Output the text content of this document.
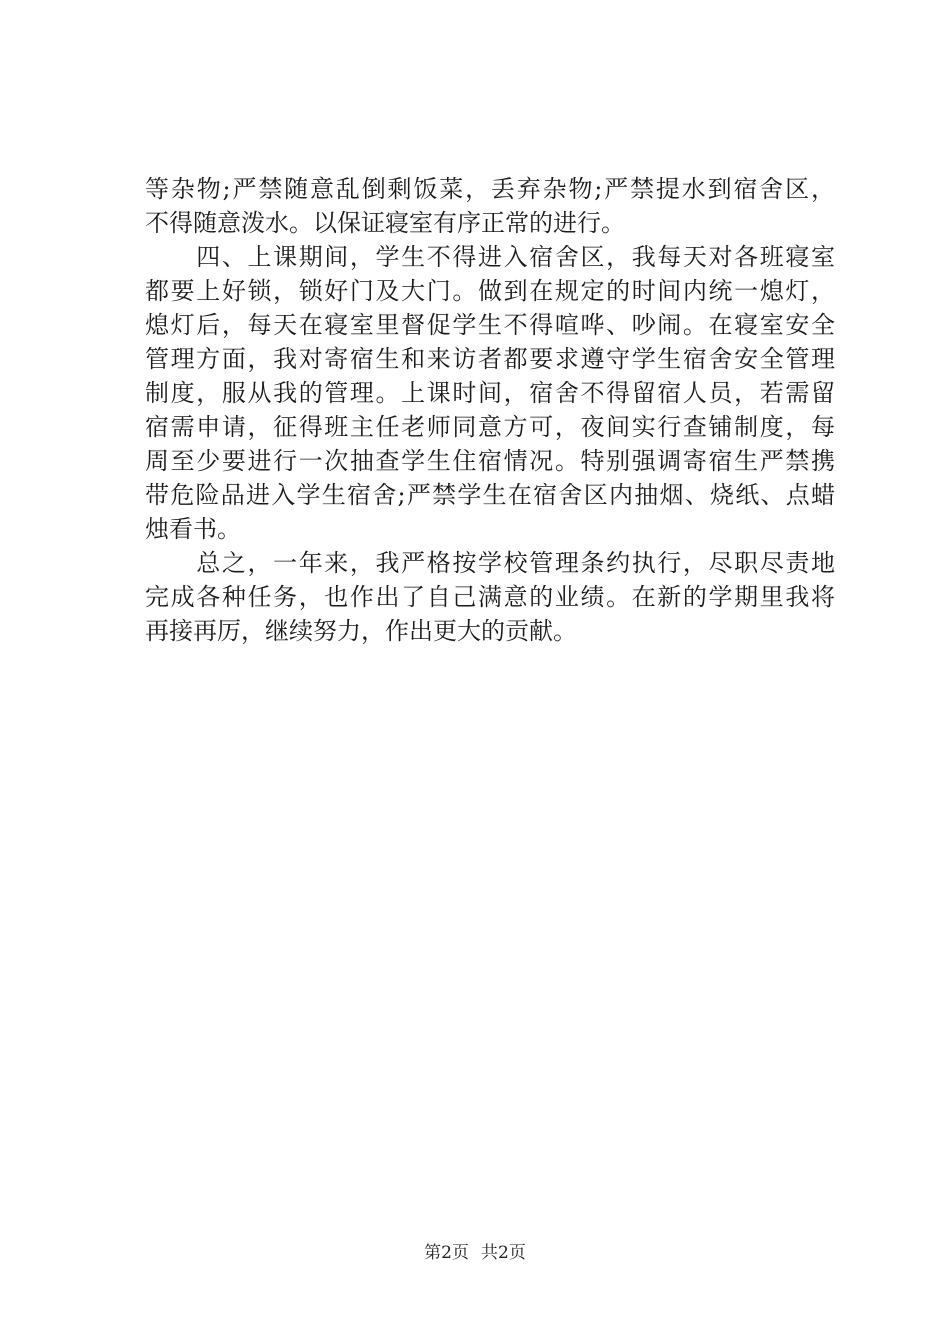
等杂物;严禁随意乱倒剩饭菜，丢弃杂物;严禁提水到宿舍区，
不得随意泼水。以保证寝室有序正常的进行。
　　四、上课期间，学生不得进入宿舍区，我每天对各班寝室
都要上好锁，锁好门及大门。做到在规定的时间内统一熄灯，
熄灯后，每天在寝室里督促学生不得喧哗、吵闹。在寝室安全
管理方面，我对寄宿生和来访者都要求遵守学生宿舍安全管理
制度，服从我的管理。上课时间，宿舍不得留宿人员，若需留
宿需申请，征得班主任老师同意方可，夜间实行查铺制度，每
周至少要进行一次抽查学生住宿情况。特别强调寄宿生严禁携
带危险品进入学生宿舍;严禁学生在宿舍区内抽烟、烧纸、点蜡
烛看书。
　　总之，一年来，我严格按学校管理条约执行，尽职尽责地
完成各种任务，也作出了自己满意的业绩。在新的学期里我将
再接再厉，继续努力，作出更大的贡献。
第2页 共2页
